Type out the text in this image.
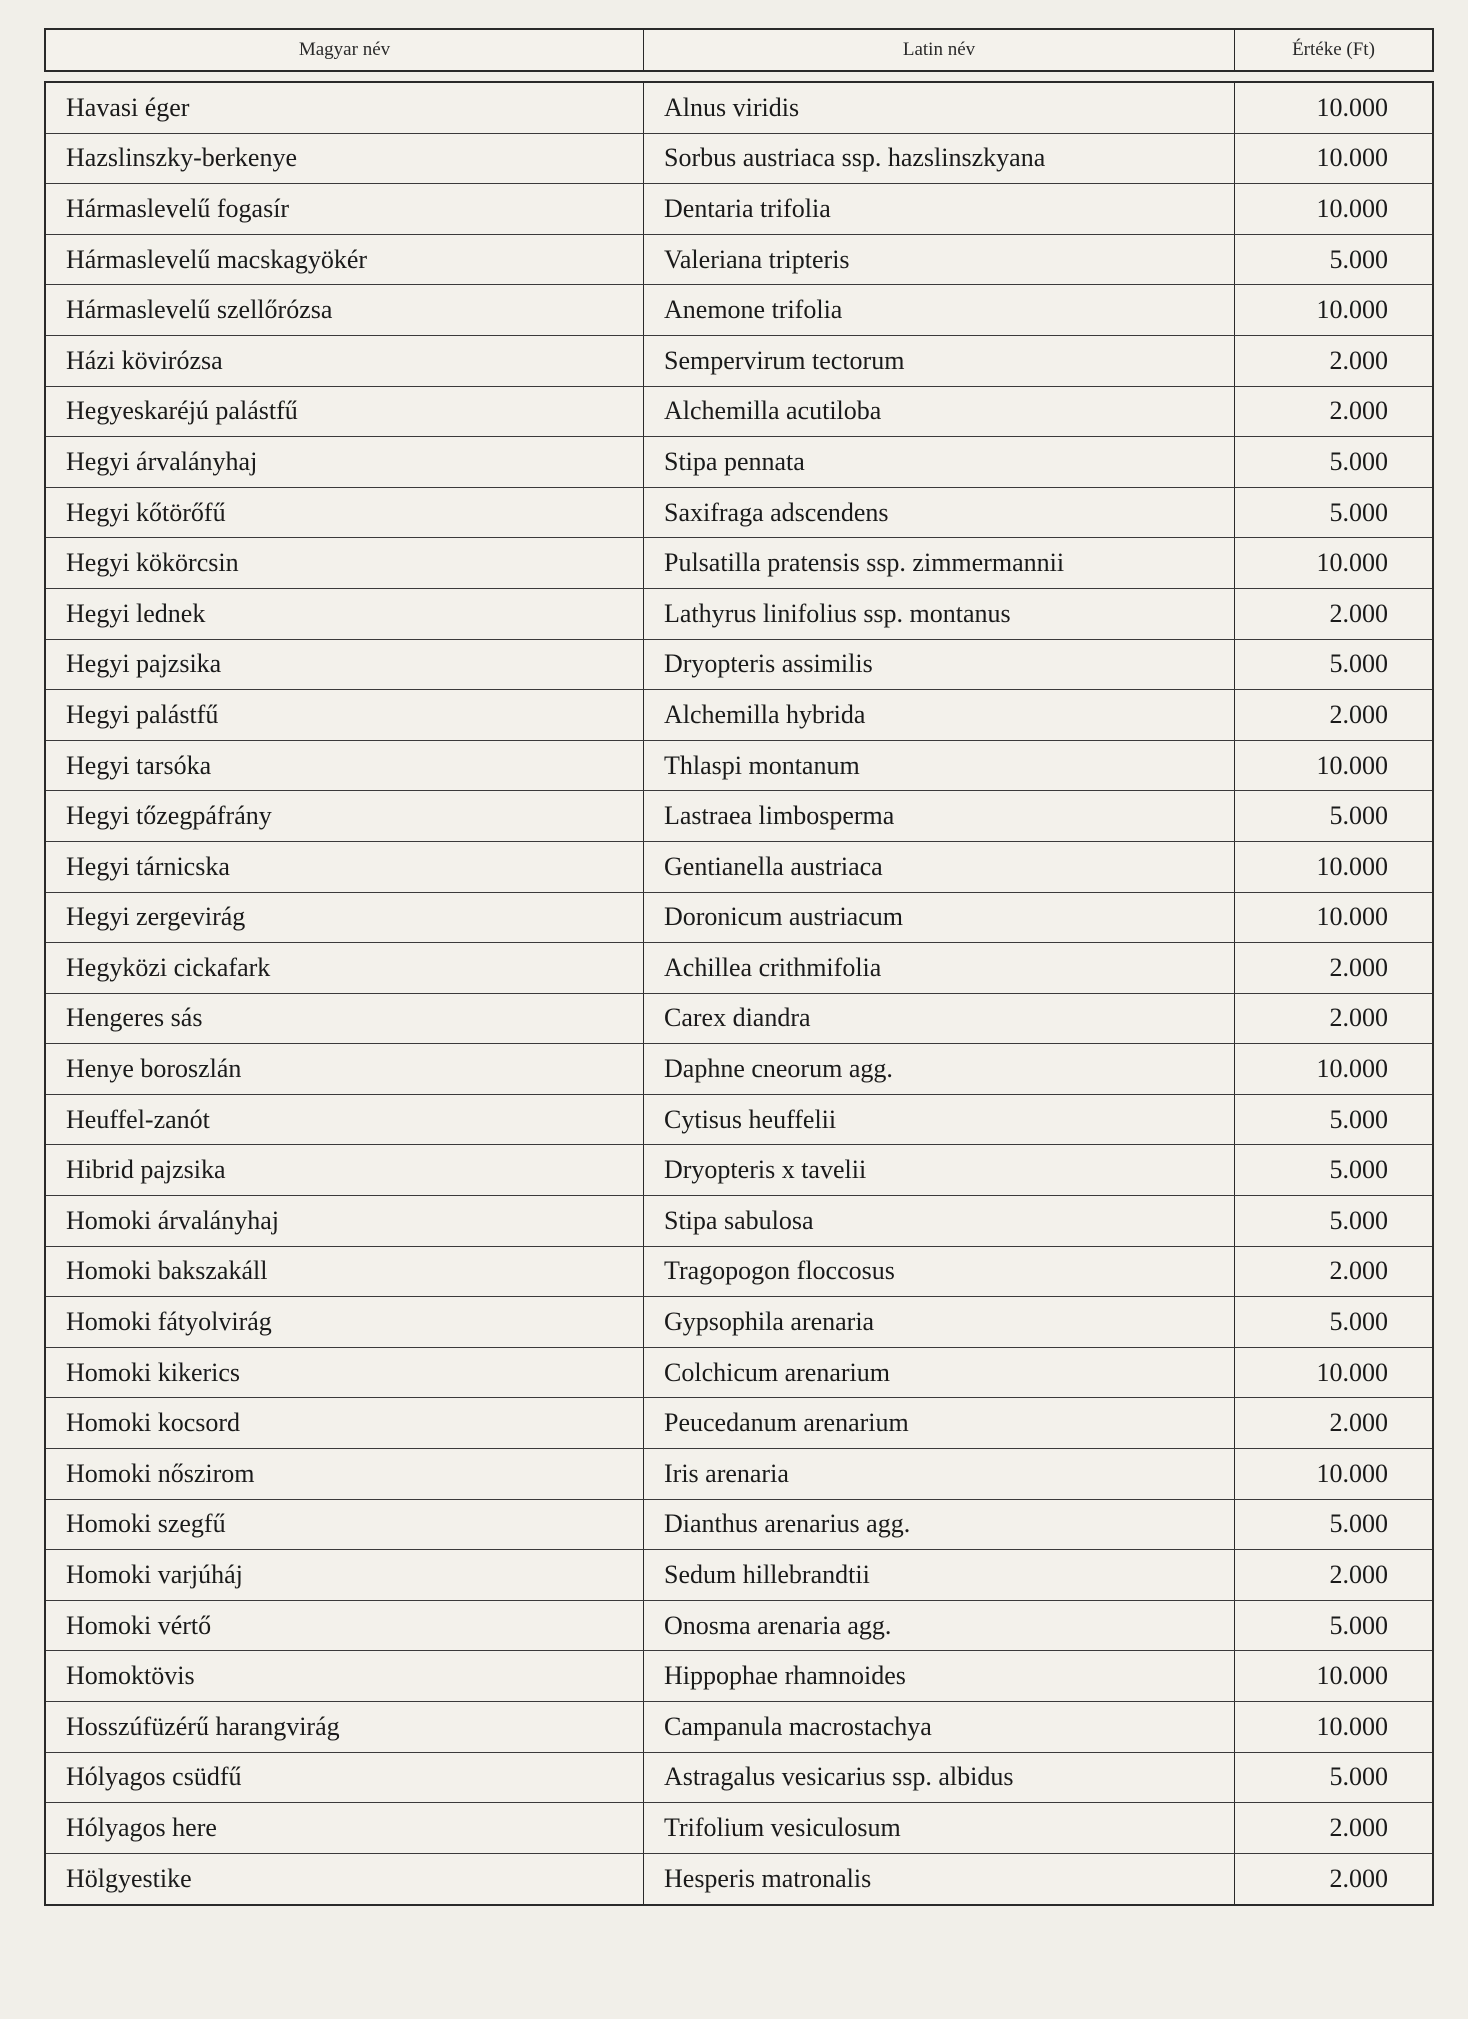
Magyar név	Latin név	Értéke (Ft)
Havasi éger	Alnus viridis	10.000
Hazslinszky-berkenye	Sorbus austriaca ssp. hazslinszkyana	10.000
Hármaslevelű fogasír	Dentaria trifolia	10.000
Hármaslevelű macskagyökér	Valeriana tripteris	5.000
Hármaslevelű szellőrózsa	Anemone trifolia	10.000
Házi kövirózsa	Sempervirum tectorum	2.000
Hegyeskaréjú palástfű	Alchemilla acutiloba	2.000
Hegyi árvalányhaj	Stipa pennata	5.000
Hegyi kőtörőfű	Saxifraga adscendens	5.000
Hegyi kökörcsin	Pulsatilla pratensis ssp. zimmermannii	10.000
Hegyi lednek	Lathyrus linifolius ssp. montanus	2.000
Hegyi pajzsika	Dryopteris assimilis	5.000
Hegyi palástfű	Alchemilla hybrida	2.000
Hegyi tarsóka	Thlaspi montanum	10.000
Hegyi tőzegpáfrány	Lastraea limbosperma	5.000
Hegyi tárnicska	Gentianella austriaca	10.000
Hegyi zergevirág	Doronicum austriacum	10.000
Hegyközi cickafark	Achillea crithmifolia	2.000
Hengeres sás	Carex diandra	2.000
Henye boroszlán	Daphne cneorum agg.	10.000
Heuffel-zanót	Cytisus heuffelii	5.000
Hibrid pajzsika	Dryopteris x tavelii	5.000
Homoki árvalányhaj	Stipa sabulosa	5.000
Homoki bakszakáll	Tragopogon floccosus	2.000
Homoki fátyolvirág	Gypsophila arenaria	5.000
Homoki kikerics	Colchicum arenarium	10.000
Homoki kocsord	Peucedanum arenarium	2.000
Homoki nőszirom	Iris arenaria	10.000
Homoki szegfű	Dianthus arenarius agg.	5.000
Homoki varjúháj	Sedum hillebrandtii	2.000
Homoki vértő	Onosma arenaria agg.	5.000
Homoktövis	Hippophae rhamnoides	10.000
Hosszúfüzérű harangvirág	Campanula macrostachya	10.000
Hólyagos csüdfű	Astragalus vesicarius ssp. albidus	5.000
Hólyagos here	Trifolium vesiculosum	2.000
Hölgyestike	Hesperis matronalis	2.000
